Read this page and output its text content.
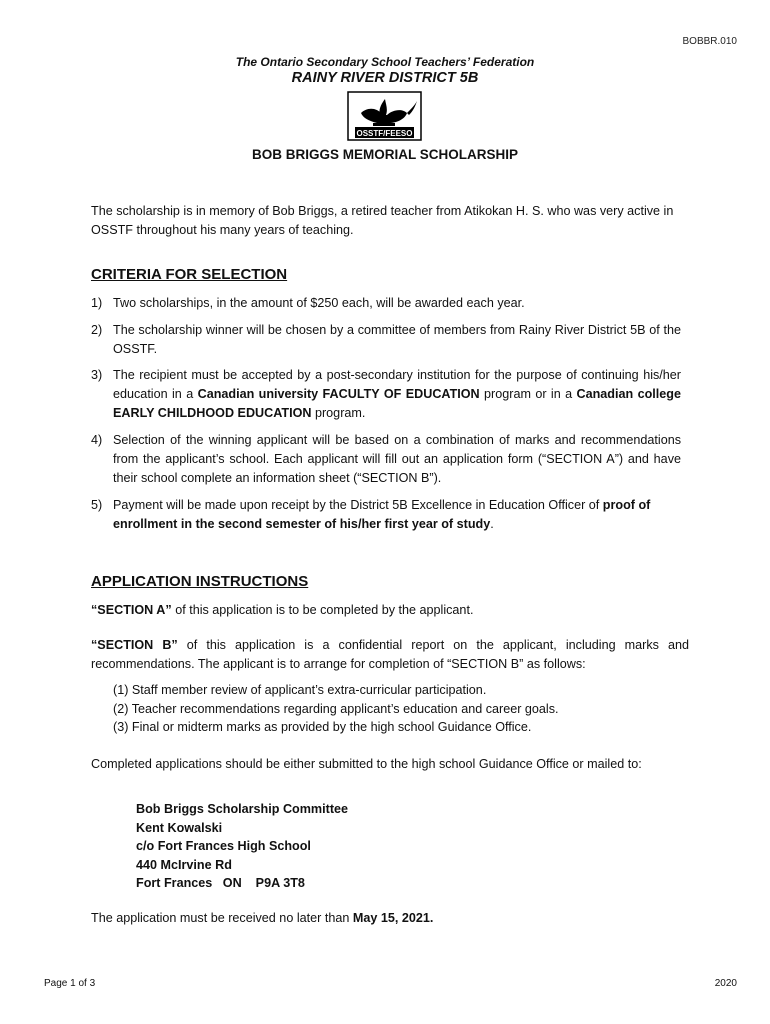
BOBBR.010
The Ontario Secondary School Teachers’ Federation
RAINY RIVER DISTRICT 5B
OSSTF/FEESO
BOB BRIGGS MEMORIAL SCHOLARSHIP
The scholarship is in memory of Bob Briggs, a retired teacher from Atikokan H. S. who was very active in OSSTF throughout his many years of teaching.
CRITERIA FOR SELECTION
1) Two scholarships, in the amount of $250 each, will be awarded each year.
2) The scholarship winner will be chosen by a committee of members from Rainy River District 5B of the OSSTF.
3) The recipient must be accepted by a post-secondary institution for the purpose of continuing his/her education in a Canadian university FACULTY OF EDUCATION program or in a Canadian college EARLY CHILDHOOD EDUCATION program.
4) Selection of the winning applicant will be based on a combination of marks and recommendations from the applicant’s school. Each applicant will fill out an application form (“SECTION A”) and have their school complete an information sheet (“SECTION B”).
5) Payment will be made upon receipt by the District 5B Excellence in Education Officer of proof of enrollment in the second semester of his/her first year of study.
APPLICATION INSTRUCTIONS
“SECTION A” of this application is to be completed by the applicant.
“SECTION B” of this application is a confidential report on the applicant, including marks and recommendations. The applicant is to arrange for completion of “SECTION B” as follows:
(1) Staff member review of applicant’s extra-curricular participation.
(2) Teacher recommendations regarding applicant’s education and career goals.
(3) Final or midterm marks as provided by the high school Guidance Office.
Completed applications should be either submitted to the high school Guidance Office or mailed to:
Bob Briggs Scholarship Committee
Kent Kowalski
c/o Fort Frances High School
440 McIrvine Rd
Fort Frances   ON    P9A 3T8
The application must be received no later than May 15, 2021.
Page 1 of 3	2020
